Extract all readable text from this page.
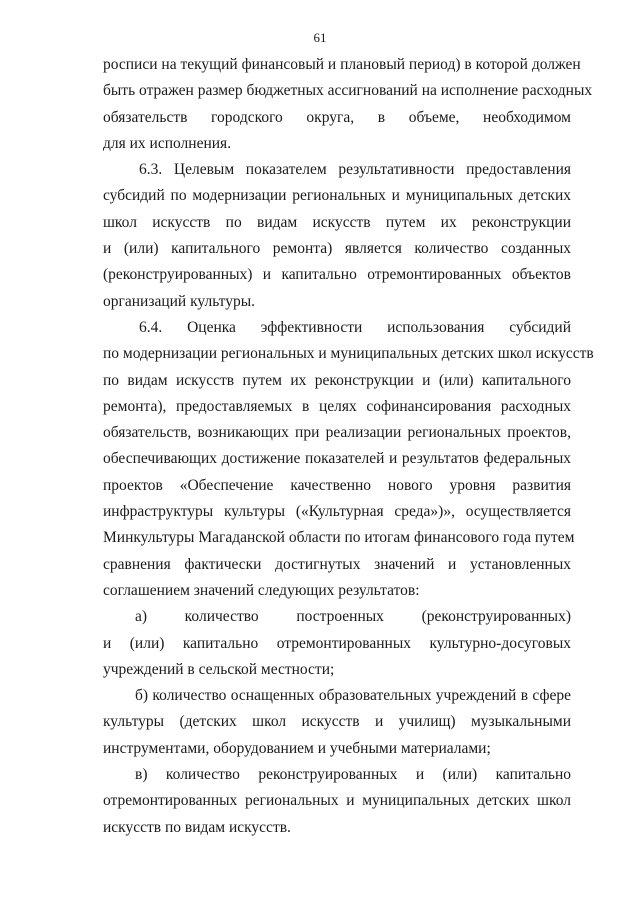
61
росписи на текущий финансовый и плановый период) в которой должен
быть отражен размер бюджетных ассигнований на исполнение расходных
обязательств городского округа, в объеме, необходимом
для их исполнения.
6.3. Целевым показателем результативности предоставления
субсидий по модернизации региональных и муниципальных детских
школ искусств по видам искусств путем их реконструкции
и (или) капитального ремонта) является количество созданных
(реконструированных) и капитально отремонтированных объектов
организаций культуры.
6.4. Оценка эффективности использования субсидий
по модернизации региональных и муниципальных детских школ искусств
по видам искусств путем их реконструкции и (или) капитального
ремонта), предоставляемых в целях софинансирования расходных
обязательств, возникающих при реализации региональных проектов,
обеспечивающих достижение показателей и результатов федеральных
проектов «Обеспечение качественно нового уровня развития
инфраструктуры культуры («Культурная среда»)», осуществляется
Минкультуры Магаданской области по итогам финансового года путем
сравнения фактически достигнутых значений и установленных
соглашением значений следующих результатов:
а) количество построенных (реконструированных)
и (или) капитально отремонтированных культурно-досуговых
учреждений в сельской местности;
б) количество оснащенных образовательных учреждений в сфере
культуры (детских школ искусств и училищ) музыкальными
инструментами, оборудованием и учебными материалами;
в) количество реконструированных и (или) капитально
отремонтированных региональных и муниципальных детских школ
искусств по видам искусств.
